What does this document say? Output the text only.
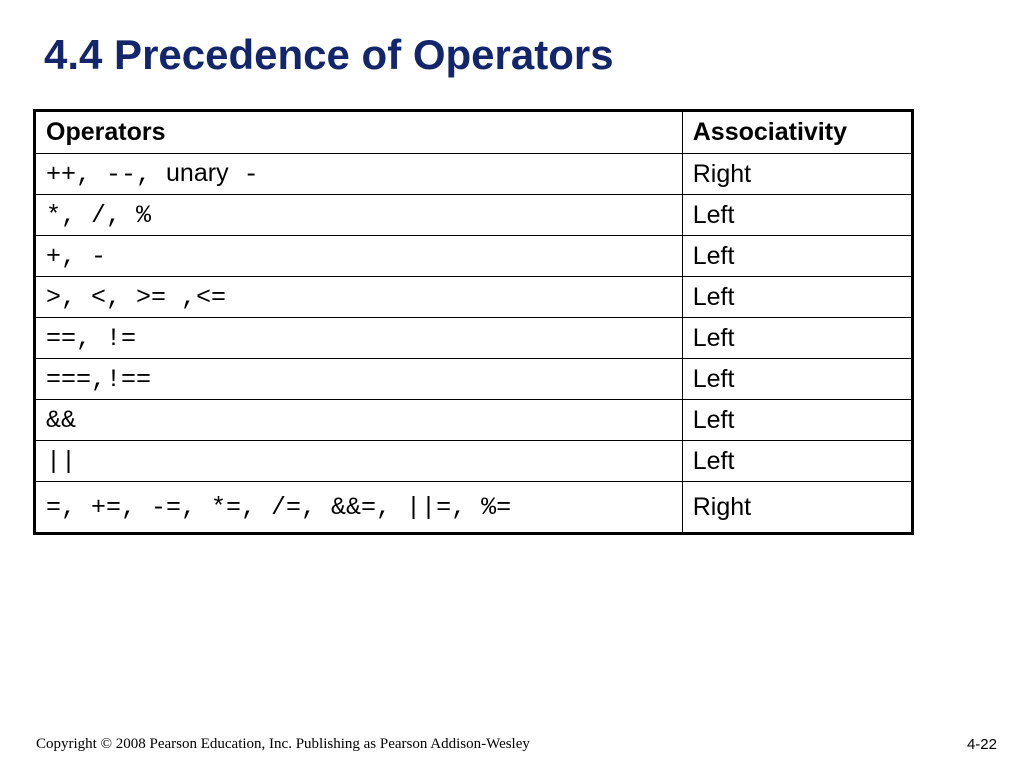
4.4 Precedence of Operators
Operators	Associativity
++, --, unary -	Right
*, /, %	Left
+, -	Left
>, <, >= ,<=	Left
==, !=	Left
===,!==	Left
&&	Left
||	Left
=, +=, -=, *=, /=, &&=, ||=, %=	Right
Copyright © 2008 Pearson Education, Inc. Publishing as Pearson Addison-Wesley	4-22
